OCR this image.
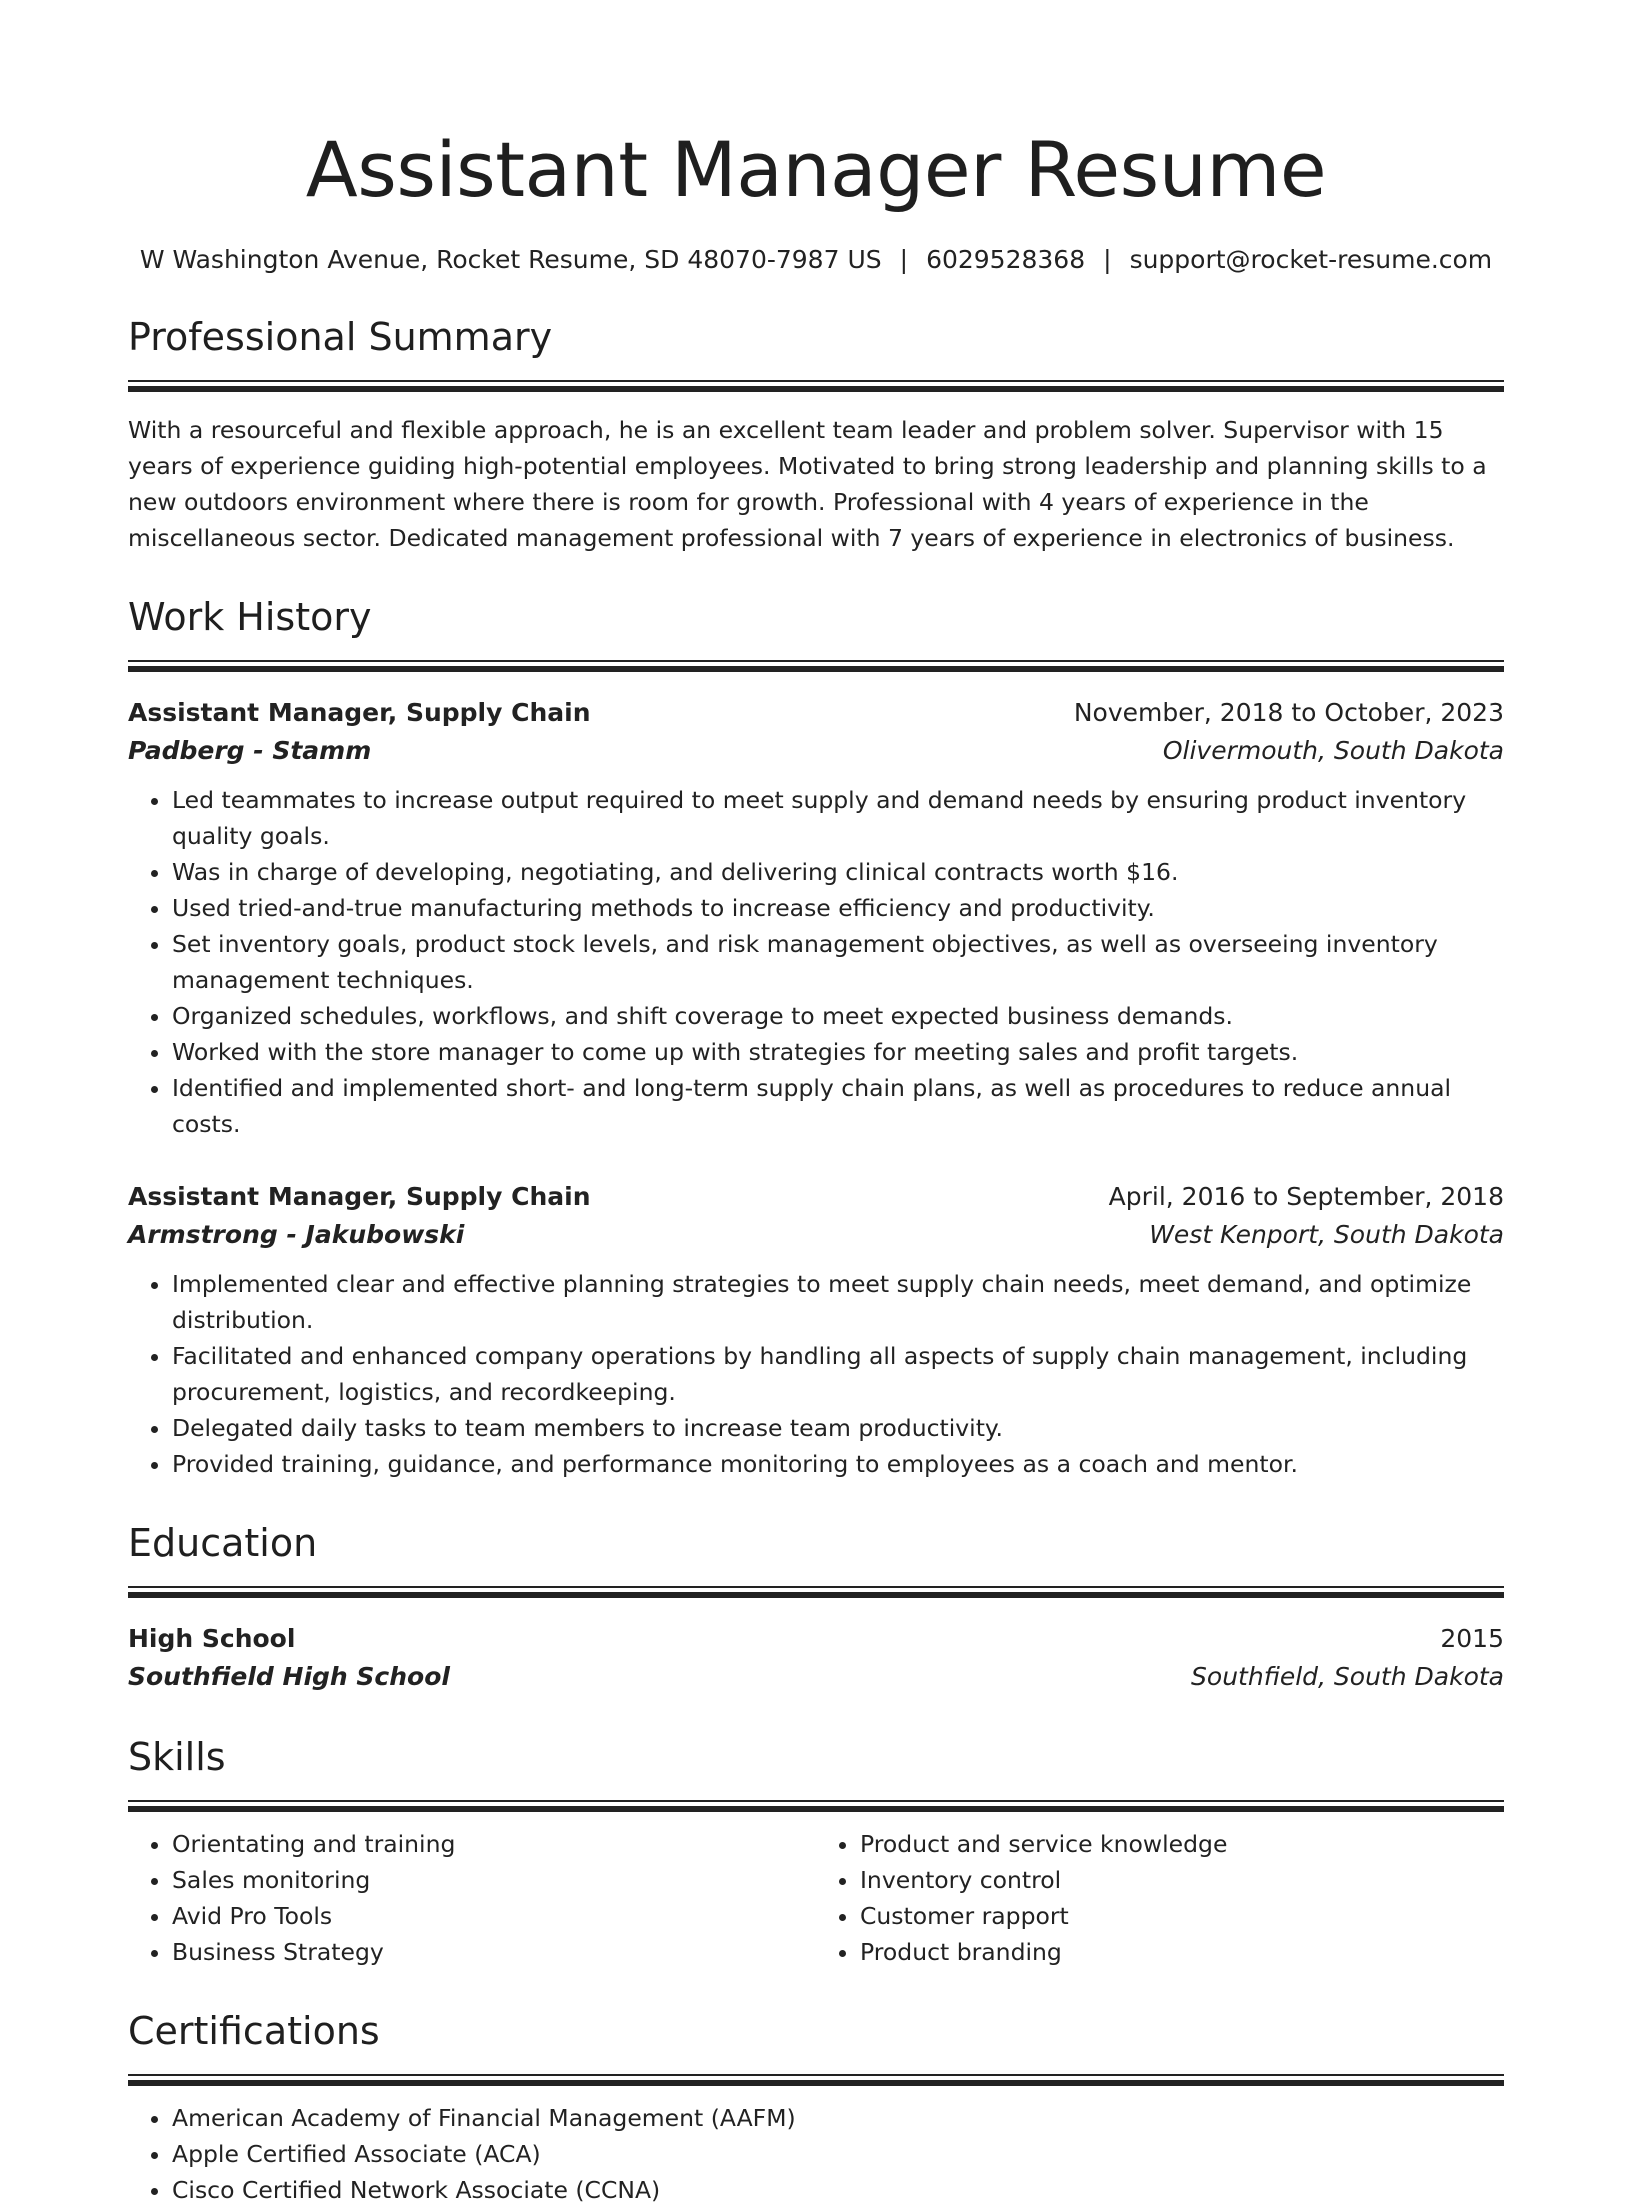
Assistant Manager Resume
W Washington Avenue, Rocket Resume, SD 48070-7987 US | 6029528368 | support@rocket-resume.com
Professional Summary
With a resourceful and flexible approach, he is an excellent team leader and problem solver. Supervisor with 15 years of experience guiding high-potential employees. Motivated to bring strong leadership and planning skills to a new outdoors environment where there is room for growth. Professional with 4 years of experience in the miscellaneous sector. Dedicated management professional with 7 years of experience in electronics of business.
Work History
Assistant Manager, Supply Chain	November, 2018 to October, 2023
Padberg - Stamm	Olivermouth, South Dakota
• Led teammates to increase output required to meet supply and demand needs by ensuring product inventory quality goals.
• Was in charge of developing, negotiating, and delivering clinical contracts worth $16.
• Used tried-and-true manufacturing methods to increase efficiency and productivity.
• Set inventory goals, product stock levels, and risk management objectives, as well as overseeing inventory management techniques.
• Organized schedules, workflows, and shift coverage to meet expected business demands.
• Worked with the store manager to come up with strategies for meeting sales and profit targets.
• Identified and implemented short- and long-term supply chain plans, as well as procedures to reduce annual costs.
Assistant Manager, Supply Chain	April, 2016 to September, 2018
Armstrong - Jakubowski	West Kenport, South Dakota
• Implemented clear and effective planning strategies to meet supply chain needs, meet demand, and optimize distribution.
• Facilitated and enhanced company operations by handling all aspects of supply chain management, including procurement, logistics, and recordkeeping.
• Delegated daily tasks to team members to increase team productivity.
• Provided training, guidance, and performance monitoring to employees as a coach and mentor.
Education
High School	2015
Southfield High School	Southfield, South Dakota
Skills
• Orientating and training
• Sales monitoring
• Avid Pro Tools
• Business Strategy
• Product and service knowledge
• Inventory control
• Customer rapport
• Product branding
Certifications
• American Academy of Financial Management (AAFM)
• Apple Certified Associate (ACA)
• Cisco Certified Network Associate (CCNA)
